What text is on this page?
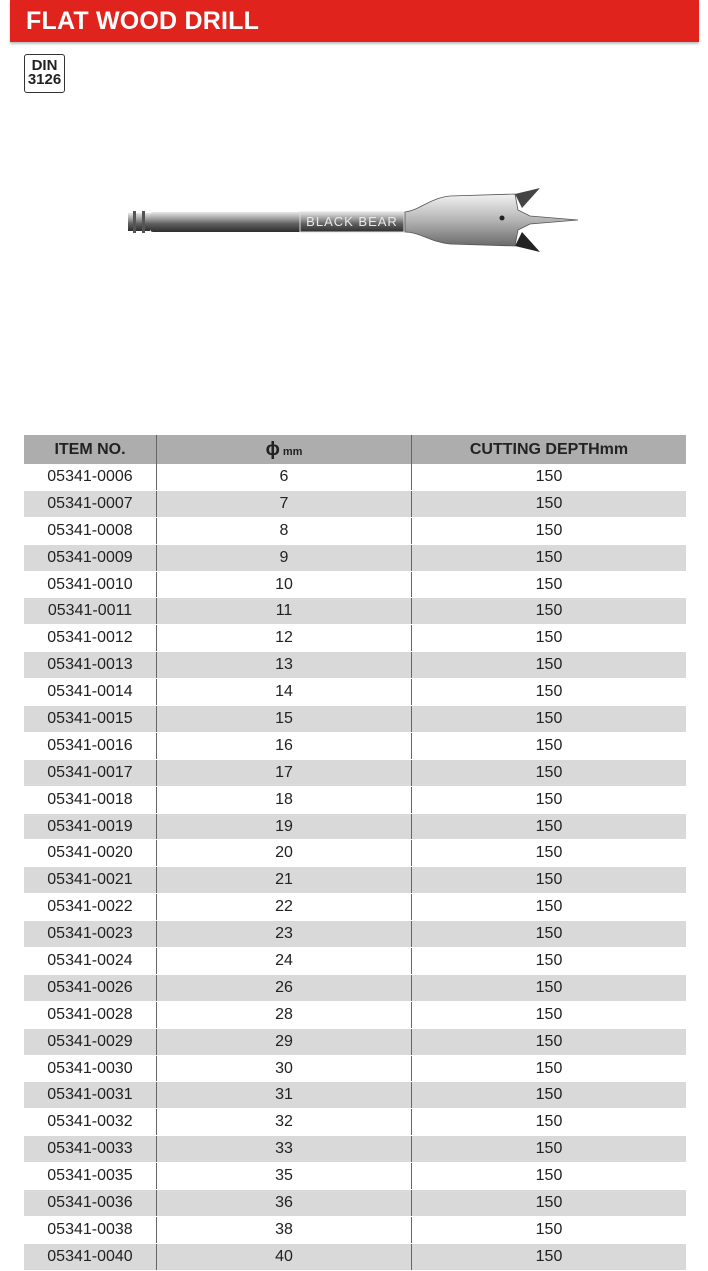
FLAT WOOD DRILL
DIN
3126
BLACK BEAR
ITEM NO.	ϕ mm	CUTTING DEPTHmm
05341-0006	6	150
05341-0007	7	150
05341-0008	8	150
05341-0009	9	150
05341-0010	10	150
05341-0011	11	150
05341-0012	12	150
05341-0013	13	150
05341-0014	14	150
05341-0015	15	150
05341-0016	16	150
05341-0017	17	150
05341-0018	18	150
05341-0019	19	150
05341-0020	20	150
05341-0021	21	150
05341-0022	22	150
05341-0023	23	150
05341-0024	24	150
05341-0026	26	150
05341-0028	28	150
05341-0029	29	150
05341-0030	30	150
05341-0031	31	150
05341-0032	32	150
05341-0033	33	150
05341-0035	35	150
05341-0036	36	150
05341-0038	38	150
05341-0040	40	150
